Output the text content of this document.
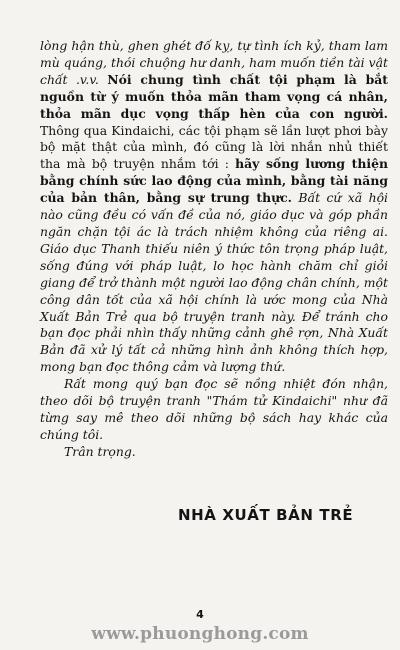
lòng hận thù, ghen ghét đố kỵ, tự tình ích kỷ, tham lam mù quáng, thói chuộng hư danh, ham muốn tiền tài vật chất .v.v. Nói chung tình chất tội phạm là bắt nguồn từ ý muốn thỏa mãn tham vọng cá nhân, thỏa mãn dục vọng thấp hèn của con người. Thông qua Kindaichi, các tội phạm sẽ lần lượt phơi bày bộ mặt thật của mình, đó cũng là lời nhắn nhủ thiết tha mà bộ truyện nhắm tới : hãy sống lương thiện bằng chính sức lao động của mình, bằng tài năng của bản thân, bằng sự trung thực. Bất cứ xã hội nào cũng đều có vấn đề của nó, giáo dục và góp phần ngăn chặn tội ác là trách nhiệm không của riêng ai. Giáo dục Thanh thiếu niên ý thức tôn trọng pháp luật, sống đúng với pháp luật, lo học hành chăm chỉ giỏi giang để trở thành một người lao động chân chính, một công dân tốt của xã hội chính là ước mong của Nhà Xuất Bản Trẻ qua bộ truyện tranh này. Để tránh cho bạn đọc phải nhìn thấy những cảnh ghê rợn, Nhà Xuất Bản đã xử lý tất cả những hình ảnh không thích hợp, mong bạn đọc thông cảm và lượng thứ.

Rất mong quý bạn đọc sẽ nồng nhiệt đón nhận, theo dõi bộ truyện tranh "Thám tử Kindaichi" như đã từng say mê theo dõi những bộ sách hay khác của chúng tôi.

Trân trọng.

NHÀ XUẤT BẢN TRẺ
4
www.phuonghong.com
